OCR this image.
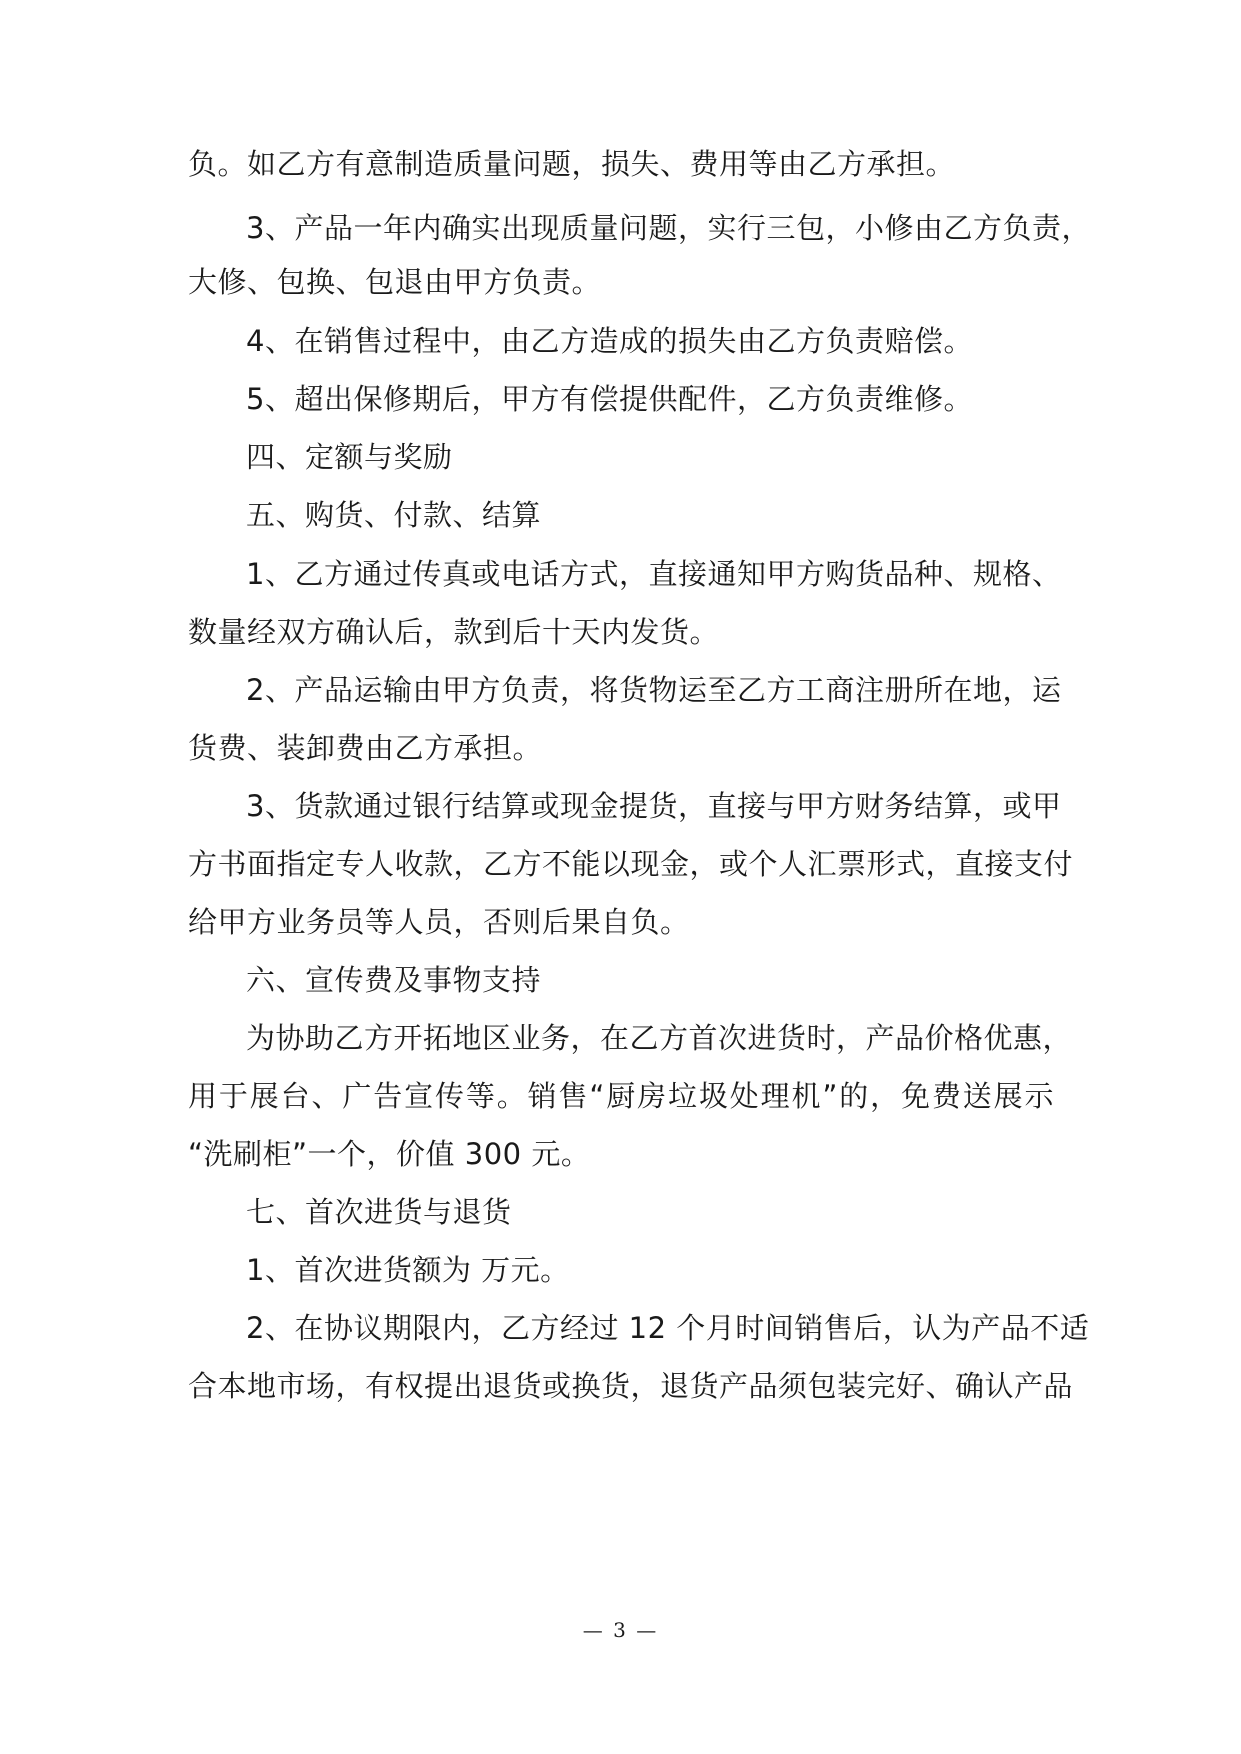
负。如乙方有意制造质量问题，损失、费用等由乙方承担。
3、产品一年内确实出现质量问题，实行三包，小修由乙方负责，
大修、包换、包退由甲方负责。
4、在销售过程中，由乙方造成的损失由乙方负责赔偿。
5、超出保修期后，甲方有偿提供配件，乙方负责维修。
四、定额与奖励
五、购货、付款、结算
1、乙方通过传真或电话方式，直接通知甲方购货品种、规格、
数量经双方确认后，款到后十天内发货。
2、产品运输由甲方负责，将货物运至乙方工商注册所在地，运
货费、装卸费由乙方承担。
3、货款通过银行结算或现金提货，直接与甲方财务结算，或甲
方书面指定专人收款，乙方不能以现金，或个人汇票形式，直接支付
给甲方业务员等人员，否则后果自负。
六、宣传费及事物支持
为协助乙方开拓地区业务，在乙方首次进货时，产品价格优惠，
用于展台、广告宣传等。销售“厨房垃圾处理机”的，免费送展示
“洗刷柜”一个，价值 300 元。
七、首次进货与退货
1、首次进货额为 万元。
2、在协议期限内，乙方经过 12 个月时间销售后，认为产品不适
合本地市场，有权提出退货或换货，退货产品须包装完好、确认产品
— 3 —
